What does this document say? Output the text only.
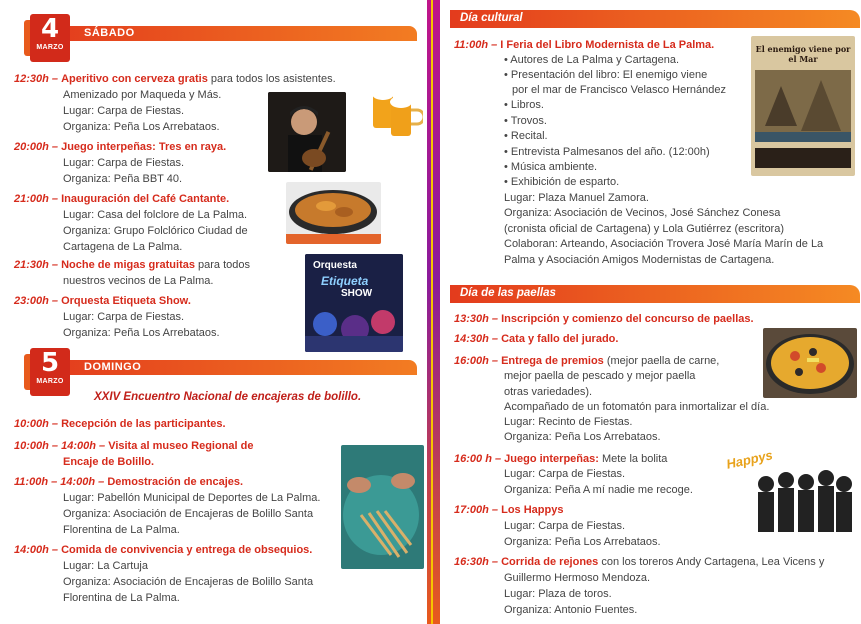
SÁBADO
4
MARZO
12:30h – Aperitivo con cerveza gratis para todos los asistentes.
Amenizado por Maqueda y Más.
Lugar: Carpa de Fiestas.
Organiza: Peña Los Arrebataos.
20:00h – Juego interpeñas: Tres en raya.
Lugar: Carpa de Fiestas.
Organiza: Peña BBT 40.
21:00h – Inauguración del Café Cantante.
Lugar: Casa del folclore de La Palma.
Organiza: Grupo Folclórico Ciudad de
Cartagena de La Palma.
21:30h – Noche de migas gratuitas para todos
nuestros vecinos de La Palma.
23:00h – Orquesta Etiqueta Show.
Lugar: Carpa de Fiestas.
Organiza: Peña Los Arrebataos.
Orquesta
Etiqueta
SHOW
DOMINGO
5
MARZO
XXIV Encuentro Nacional de encajeras de bolillo.
10:00h – Recepción de las participantes.
10:00h – 14:00h – Visita al museo Regional de
Encaje de Bolillo.
11:00h – 14:00h – Demostración de encajes.
Lugar: Pabellón Municipal de Deportes de La Palma.
Organiza: Asociación de Encajeras de Bolillo Santa
Florentina de La Palma.
14:00h – Comida de convivencia y entrega de obsequios.
Lugar: La Cartuja
Organiza: Asociación de Encajeras de Bolillo Santa
Florentina de La Palma.
Día cultural
11:00h – I Feria del Libro Modernista de La Palma.
• Autores de La Palma y Cartagena.
• Presentación del libro: El enemigo viene
por el mar de Francisco Velasco Hernández
• Libros.
• Trovos.
• Recital.
• Entrevista Palmesanos del año. (12:00h)
• Música ambiente.
• Exhibición de esparto.
Lugar: Plaza Manuel Zamora.
Organiza: Asociación de Vecinos, José Sánchez Conesa
(cronista oficial de Cartagena) y Lola Gutiérrez (escritora)
Colaboran: Arteando, Asociación Trovera José María Marín de La
Palma y Asociación Amigos Modernistas de Cartagena.
El enemigo viene por el Mar
Día de las paellas
13:30h – Inscripción y comienzo del concurso de paellas.
14:30h – Cata y fallo del jurado.
16:00h – Entrega de premios (mejor paella de carne,
mejor paella de pescado y mejor paella
otras variedades).
Acompañado de un fotomatón para inmortalizar el día.
Lugar: Recinto de Fiestas.
Organiza: Peña Los Arrebataos.
16:00 h – Juego interpeñas: Mete la bolita
Lugar: Carpa de Fiestas.
Organiza: Peña A mí nadie me recoge.
17:00h – Los Happys
Lugar: Carpa de Fiestas.
Organiza: Peña Los Arrebataos.
16:30h – Corrida de rejones con los toreros Andy Cartagena, Lea Vicens y
Guillermo Hermoso Mendoza.
Lugar: Plaza de toros.
Organiza: Antonio Fuentes.
Happys
